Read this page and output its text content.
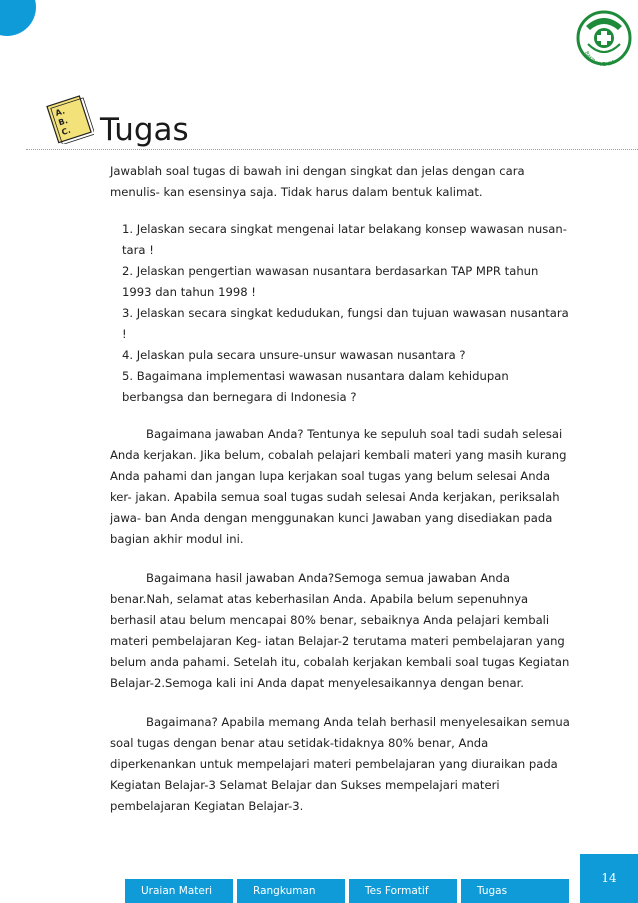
BAKTI HUSADA
A.
B.
C. Tugas

Jawablah soal tugas di bawah ini dengan singkat dan jelas dengan cara menulis- kan esensinya saja. Tidak harus dalam bentuk kalimat.

1. Jelaskan secara singkat mengenai latar belakang konsep wawasan nusan- tara !

2. Jelaskan pengertian wawasan nusantara berdasarkan TAP MPR tahun 1993 dan tahun 1998 !

3. Jelaskan secara singkat kedudukan, fungsi dan tujuan wawasan nusantara !

4. Jelaskan pula secara unsure-unsur wawasan nusantara ?

5. Bagaimana implementasi wawasan nusantara dalam kehidupan berbangsa dan bernegara di Indonesia ?

Bagaimana jawaban Anda? Tentunya ke sepuluh soal tadi sudah selesai Anda kerjakan. Jika belum, cobalah pelajari kembali materi yang masih kurang Anda pahami dan jangan lupa kerjakan soal tugas yang belum selesai Anda ker- jakan. Apabila semua soal tugas sudah selesai Anda kerjakan, periksalah jawa- ban Anda dengan menggunakan kunci Jawaban yang disediakan pada bagian akhir modul ini.

Bagaimana hasil jawaban Anda?Semoga semua jawaban Anda benar.Nah, selamat atas keberhasilan Anda. Apabila belum sepenuhnya berhasil atau belum mencapai 80% benar, sebaiknya Anda pelajari kembali materi pembelajaran Keg- iatan Belajar-2 terutama materi pembelajaran yang belum anda pahami. Setelah itu, cobalah kerjakan kembali soal tugas Kegiatan Belajar-2.Semoga kali ini Anda dapat menyelesaikannya dengan benar.

Bagaimana? Apabila memang Anda telah berhasil menyelesaikan semua soal tugas dengan benar atau setidak-tidaknya 80% benar, Anda diperkenankan untuk mempelajari materi pembelajaran yang diuraikan pada Kegiatan Belajar-3 Selamat Belajar dan Sukses mempelajari materi pembelajaran Kegiatan Belajar-3.

14
Uraian Materi	Rangkuman	Tes Formatif	Tugas
